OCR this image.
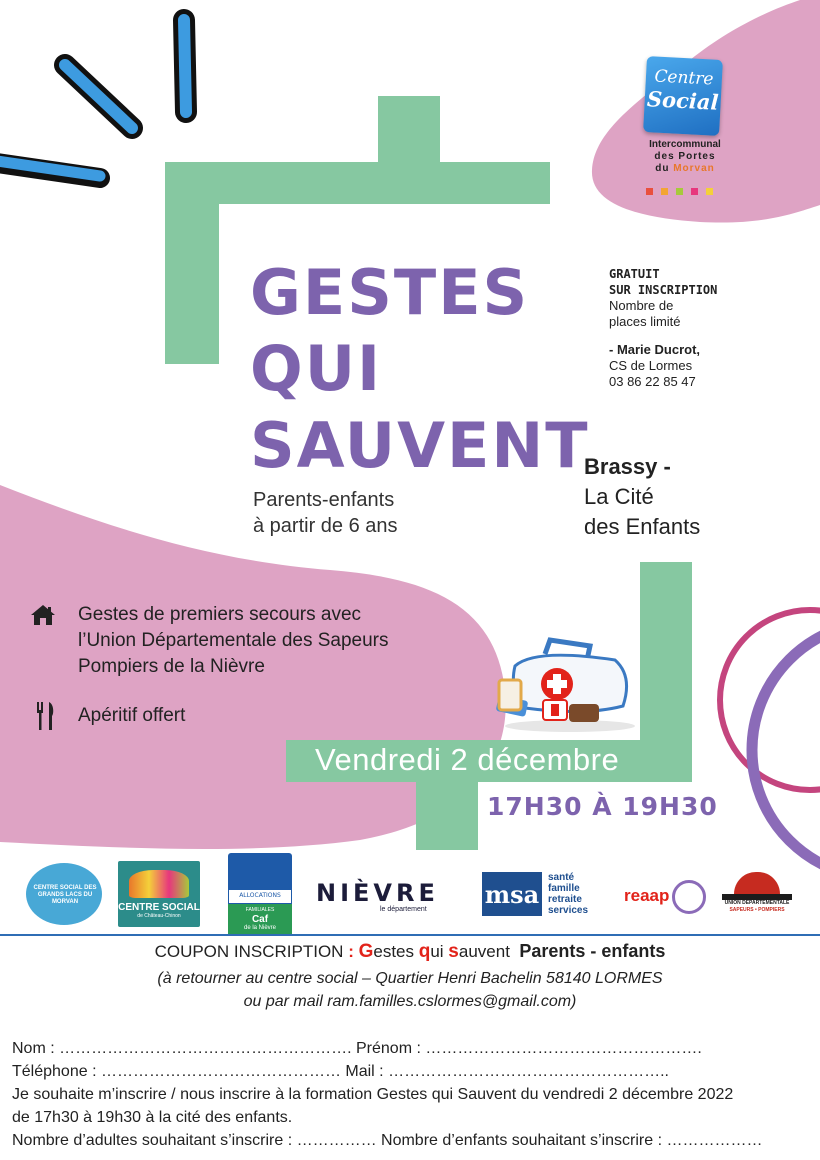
Centre
Social
Intercommunal
des Portes
du Morvan
GESTES
QUI
SAUVENT
Parents-enfants
à partir de 6 ans
GRATUIT
SUR INSCRIPTION
Nombre de
places limité
- Marie Ducrot,
CS de Lormes
03 86 22 85 47
Brassy -
La Cité
des Enfants
Gestes de premiers secours avec
l’Union Départementale des Sapeurs
Pompiers de la Nièvre
Apéritif offert
Vendredi 2 décembre
17H30 À 19H30
CENTRE SOCIAL DES GRANDS LACS DU MORVAN	CENTRE SOCIAL
de Château-Chinon
ALLOCATIONS
FAMILIALES
Caf
de la Nièvre
NIÈVRE
le département
msa
santé
famille
retraite
services
reaap	UNION DÉPARTEMENTALE
SAPEURS • POMPIERS
COUPON INSCRIPTION : Gestes qui sauvent Parents - enfants
(à retourner au centre social – Quartier Henri Bachelin 58140 LORMES
ou par mail ram.familles.cslormes@gmail.com)
Nom : ………………………………………………. Prénom : …………………………………………….
Téléphone : ……………………………………… Mail : ……………………………………………..
Je souhaite m’inscrire / nous inscrire à la formation Gestes qui Sauvent du vendredi 2 décembre 2022
de 17h30 à 19h30 à la cité des enfants.
Nombre d’adultes souhaitant s’inscrire : …………… Nombre d’enfants souhaitant s’inscrire : ………………
